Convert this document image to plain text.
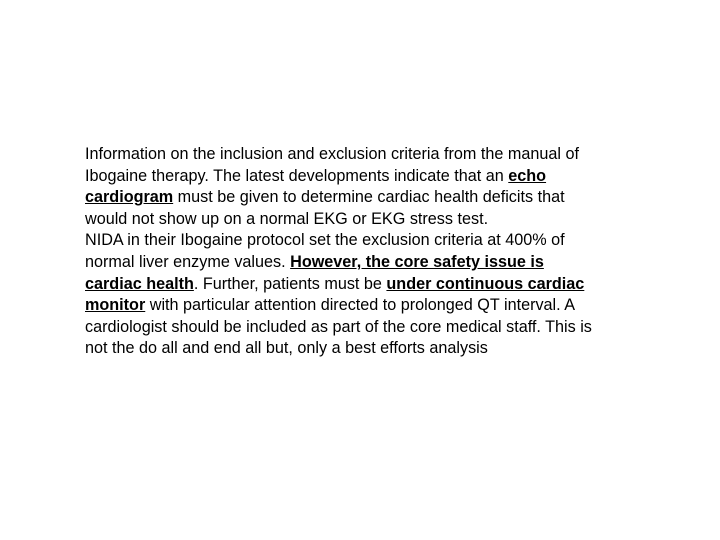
Information on the inclusion and exclusion criteria from the manual of Ibogaine therapy. The latest developments indicate that an echo cardiogram must be given to determine cardiac health deficits that would not show up on a normal EKG or EKG stress test.

NIDA in their Ibogaine protocol set the exclusion criteria at 400% of normal liver enzyme values. However, the core safety issue is cardiac health. Further, patients must be under continuous cardiac monitor with particular attention directed to prolonged QT interval. A cardiologist should be included as part of the core medical staff. This is not the do all and end all but, only a best efforts analysis
